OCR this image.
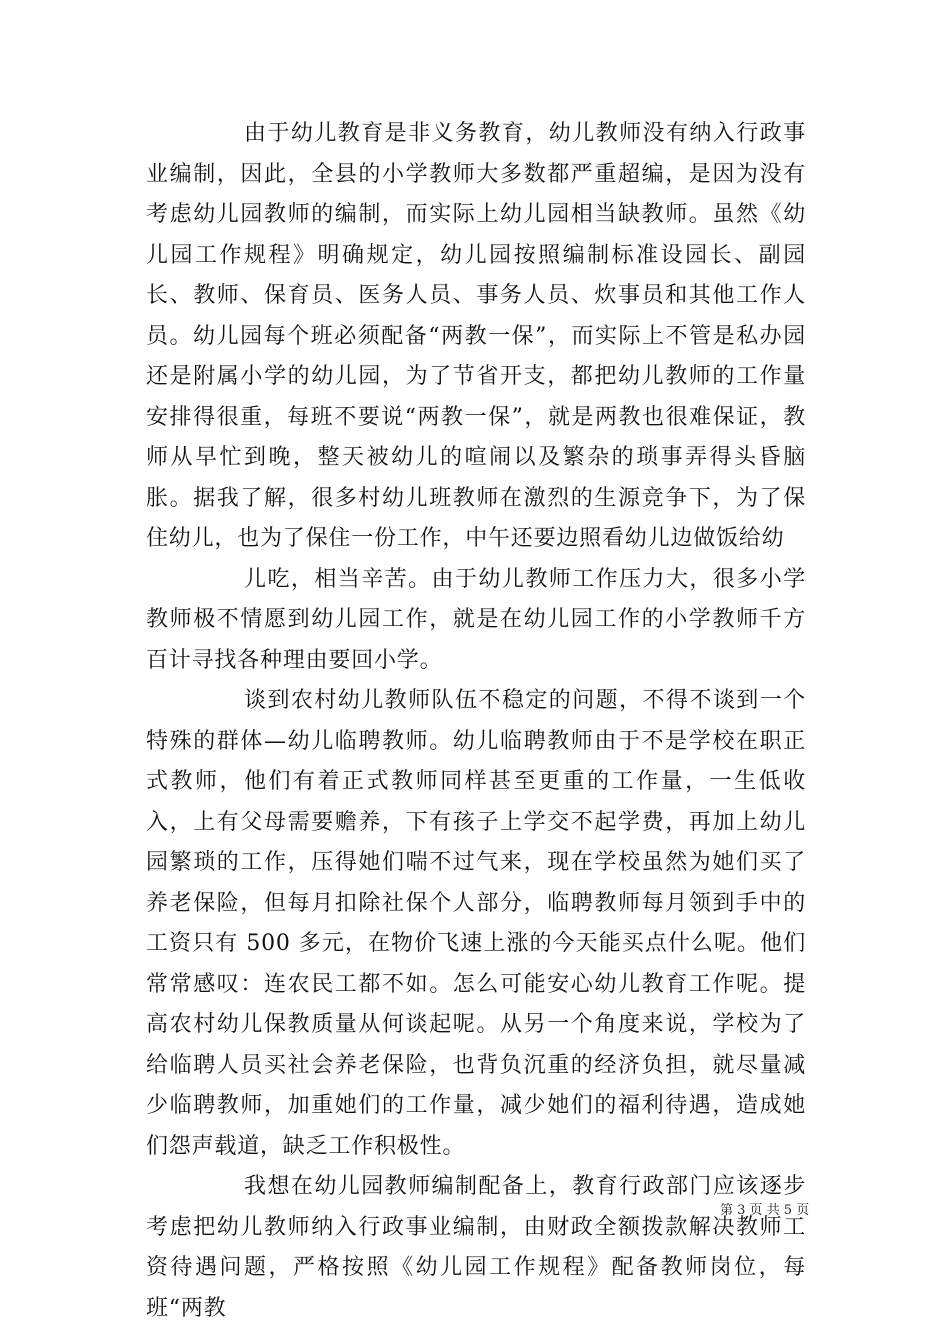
由于幼儿教育是非义务教育，幼儿教师没有纳入行政事业编制，因此，全县的小学教师大多数都严重超编，是因为没有考虑幼儿园教师的编制，而实际上幼儿园相当缺教师。虽然《幼儿园工作规程》明确规定，幼儿园按照编制标准设园长、副园长、教师、保育员、医务人员、事务人员、炊事员和其他工作人员。幼儿园每个班必须配备“两教一保”，而实际上不管是私办园还是附属小学的幼儿园，为了节省开支，都把幼儿教师的工作量安排得很重，每班不要说“两教一保”，就是两教也很难保证，教师从早忙到晚，整天被幼儿的喧闹以及繁杂的琐事弄得头昏脑胀。据我了解，很多村幼儿班教师在激烈的生源竞争下，为了保住幼儿，也为了保住一份工作，中午还要边照看幼儿边做饭给幼

儿吃，相当辛苦。由于幼儿教师工作压力大，很多小学教师极不情愿到幼儿园工作，就是在幼儿园工作的小学教师千方百计寻找各种理由要回小学。

谈到农村幼儿教师队伍不稳定的问题，不得不谈到一个特殊的群体—幼儿临聘教师。幼儿临聘教师由于不是学校在职正式教师，他们有着正式教师同样甚至更重的工作量，一生低收入，上有父母需要赡养，下有孩子上学交不起学费，再加上幼儿园繁琐的工作，压得她们喘不过气来，现在学校虽然为她们买了养老保险，但每月扣除社保个人部分，临聘教师每月领到手中的工资只有 500 多元，在物价飞速上涨的今天能买点什么呢。他们常常感叹：连农民工都不如。怎么可能安心幼儿教育工作呢。提高农村幼儿保教质量从何谈起呢。从另一个角度来说，学校为了给临聘人员买社会养老保险，也背负沉重的经济负担，就尽量减少临聘教师，加重她们的工作量，减少她们的福利待遇，造成她们怨声载道，缺乏工作积极性。

我想在幼儿园教师编制配备上，教育行政部门应该逐步考虑把幼儿教师纳入行政事业编制，由财政全额拨款解决教师工资待遇问题，严格按照《幼儿园工作规程》配备教师岗位，每班“两教

第 3 页 共 5 页
